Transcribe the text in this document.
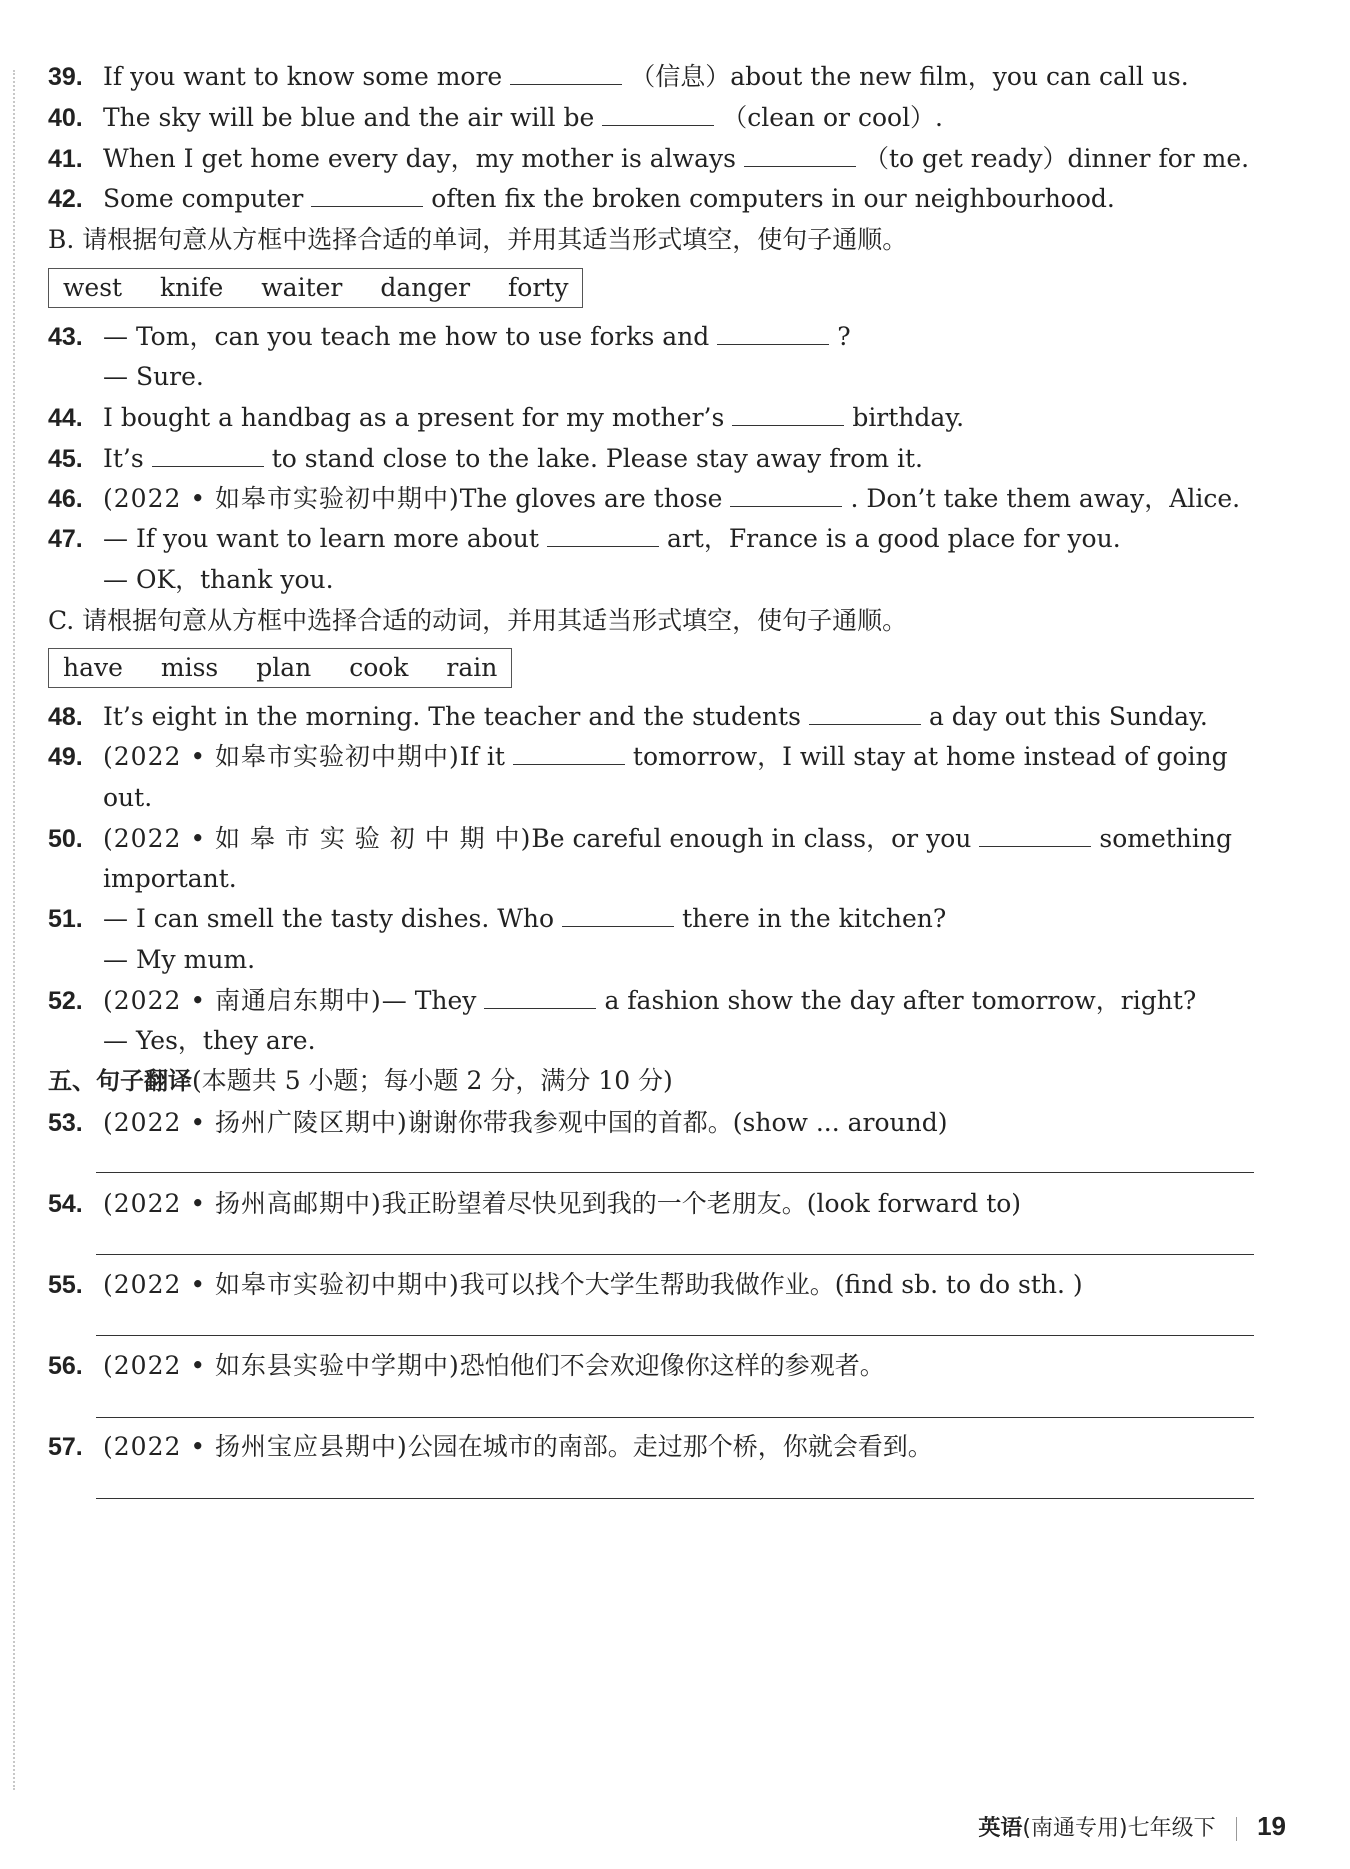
39. If you want to know some more	（信息）about the new film，you can call us.
40. The sky will be blue and the air will be	（clean or cool）.
41. When I get home every day，my mother is always	（to get ready）dinner for me.
42. Some computer	often fix the broken computers in our neighbourhood.
B. 请根据句意从方框中选择合适的单词，并用其适当形式填空，使句子通顺。
west knife waiter danger forty
43. — Tom，can you teach me how to use forks and	?
— Sure.
44. I bought a handbag as a present for my mother’s	birthday.
45. It’s	to stand close to the lake. Please stay away from it.
46. (2022 • 如皋市实验初中期中)The gloves are those	. Don’t take them away，Alice.
47. — If you want to learn more about	art，France is a good place for you.
— OK，thank you.
C. 请根据句意从方框中选择合适的动词，并用其适当形式填空，使句子通顺。
have miss plan cook rain
48. It’s eight in the morning. The teacher and the students	a day out this Sunday.
49. (2022 • 如皋市实验初中期中)If it	tomorrow，I will stay at home instead of going
out.
50. (2022 • 如 皋 市 实 验 初 中 期 中)Be careful enough in class，or you	something
important.
51. — I can smell the tasty dishes. Who	there in the kitchen?
— My mum.
52. (2022 • 南通启东期中)— They	a fashion show the day after tomorrow，right?
— Yes，they are.
五、句子翻译(本题共 5 小题；每小题 2 分，满分 10 分)
53. (2022 • 扬州广陵区期中)谢谢你带我参观中国的首都。(show ... around)
54. (2022 • 扬州高邮期中)我正盼望着尽快见到我的一个老朋友。(look forward to)
55. (2022 • 如皋市实验初中期中)我可以找个大学生帮助我做作业。(find sb. to do sth. )
56. (2022 • 如东县实验中学期中)恐怕他们不会欢迎像你这样的参观者。
57. (2022 • 扬州宝应县期中)公园在城市的南部。走过那个桥，你就会看到。
英语(南通专用)七年级下 19
